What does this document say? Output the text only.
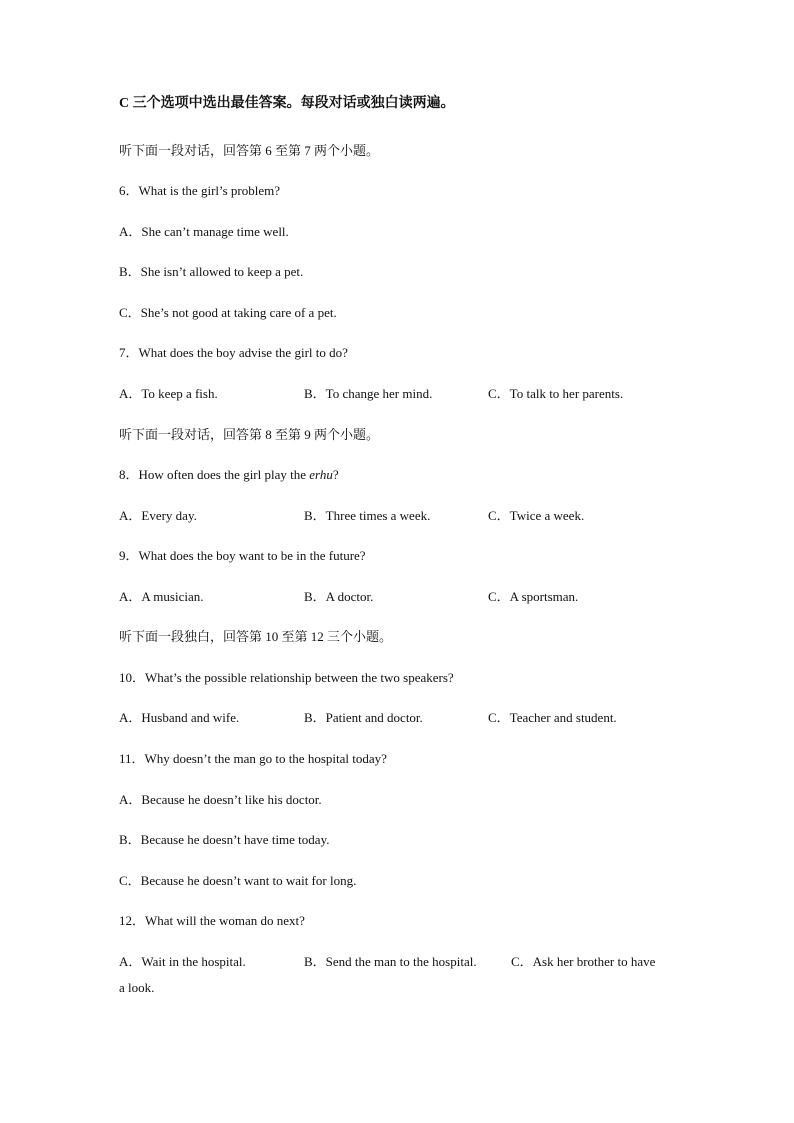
C 三个选项中选出最佳答案。每段对话或独白读两遍。
听下面一段对话，回答第 6 至第 7 两个小题。
6．What is the girl’s problem?
A．She can’t manage time well.
B．She isn’t allowed to keep a pet.
C．She’s not good at taking care of a pet.
7．What does the boy advise the girl to do?
A．To keep a fish.	B．To change her mind.	C．To talk to her parents.
听下面一段对话，回答第 8 至第 9 两个小题。
8．How often does the girl play the erhu?
A．Every day.	B．Three times a week.	C．Twice a week.
9．What does the boy want to be in the future?
A．A musician.	B．A doctor.	C．A sportsman.
听下面一段独白，回答第 10 至第 12 三个小题。
10．What’s the possible relationship between the two speakers?
A．Husband and wife.	B．Patient and doctor.	C．Teacher and student.
11．Why doesn’t the man go to the hospital today?
A．Because he doesn’t like his doctor.
B．Because he doesn’t have time today.
C．Because he doesn’t want to wait for long.
12．What will the woman do next?
A．Wait in the hospital.	B．Send the man to the hospital.	C．Ask her brother to have
a look.
